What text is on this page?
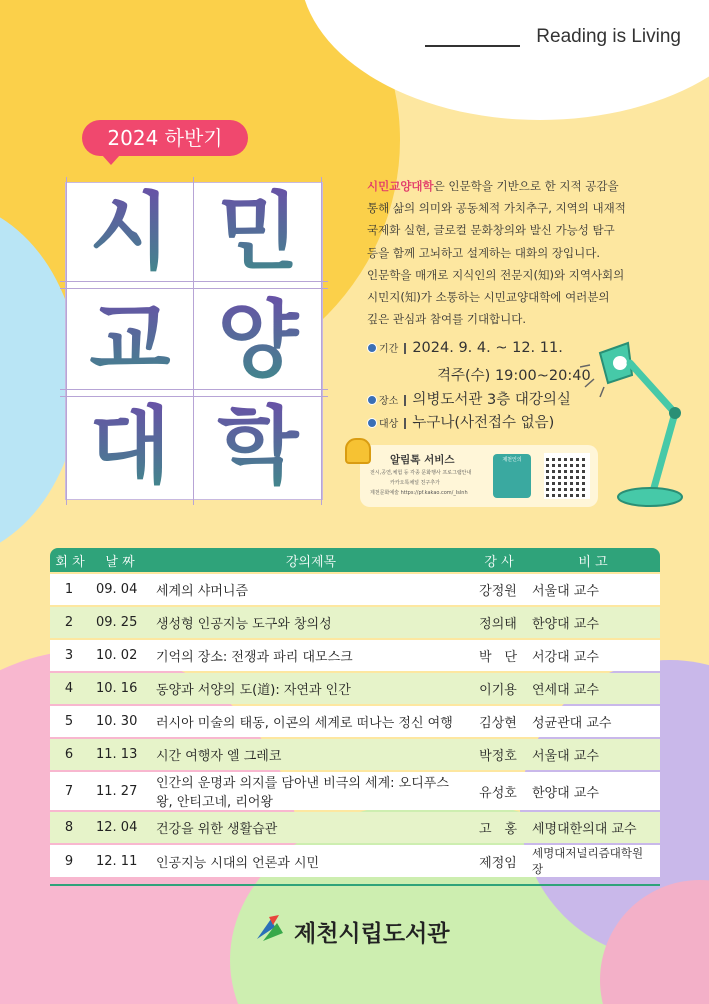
Reading is Living
2024 하반기
시 민
교 양
대 학
시민교양대학은 인문학을 기반으로 한 지적 공감을 통해 삶의 의미와 공동체적 가치추구, 지역의 내재적 국제화 실현, 글로컬 문화창의와 발신 가능성 탐구 등을 함께 고뇌하고 설계하는 대화의 장입니다.인문학을 매개로 지식인의 전문지(知)와 지역사회의 시민지(知)가 소통하는 시민교양대학에 여러분의 깊은 관심과 참여를 기대합니다.
기간 2024. 9. 4. ~ 12. 11.
격주(수) 19:00~20:40
장소 의병도서관 3층 대강의실
대상 누구나(사전접수 없음)
알림톡 서비스
전시,공연,체험 등 각종 문화행사 프로그램안내
카카오톡채널 친구추가
제천문화예술 https://pf.kakao.com/_Islnh
제천인의
회 차	날 짜	강의제목	강 사	비 고
1	09. 04	세계의 샤머니즘	강정원	서울대 교수
2	09. 25	생성형 인공지능 도구와 창의성	정의태	한양대 교수
3	10. 02	기억의 장소: 전쟁과 파리 대모스크	박　단	서강대 교수
4	10. 16	동양과 서양의 도(道): 자연과 인간	이기용	연세대 교수
5	10. 30	러시아 미술의 태동, 이콘의 세계로 떠나는 정신 여행	김상현	성균관대 교수
6	11. 13	시간 여행자 엘 그레코	박정호	서울대 교수
7	11. 27	인간의 운명과 의지를 담아낸 비극의 세계: 오디푸스 왕, 안티고네, 리어왕	유성호	한양대 교수
8	12. 04	건강을 위한 생활습관	고　홍	세명대한의대 교수
9	12. 11	인공지능 시대의 언론과 시민	제정임	세명대저널리즘대학원장
제천시립도서관
